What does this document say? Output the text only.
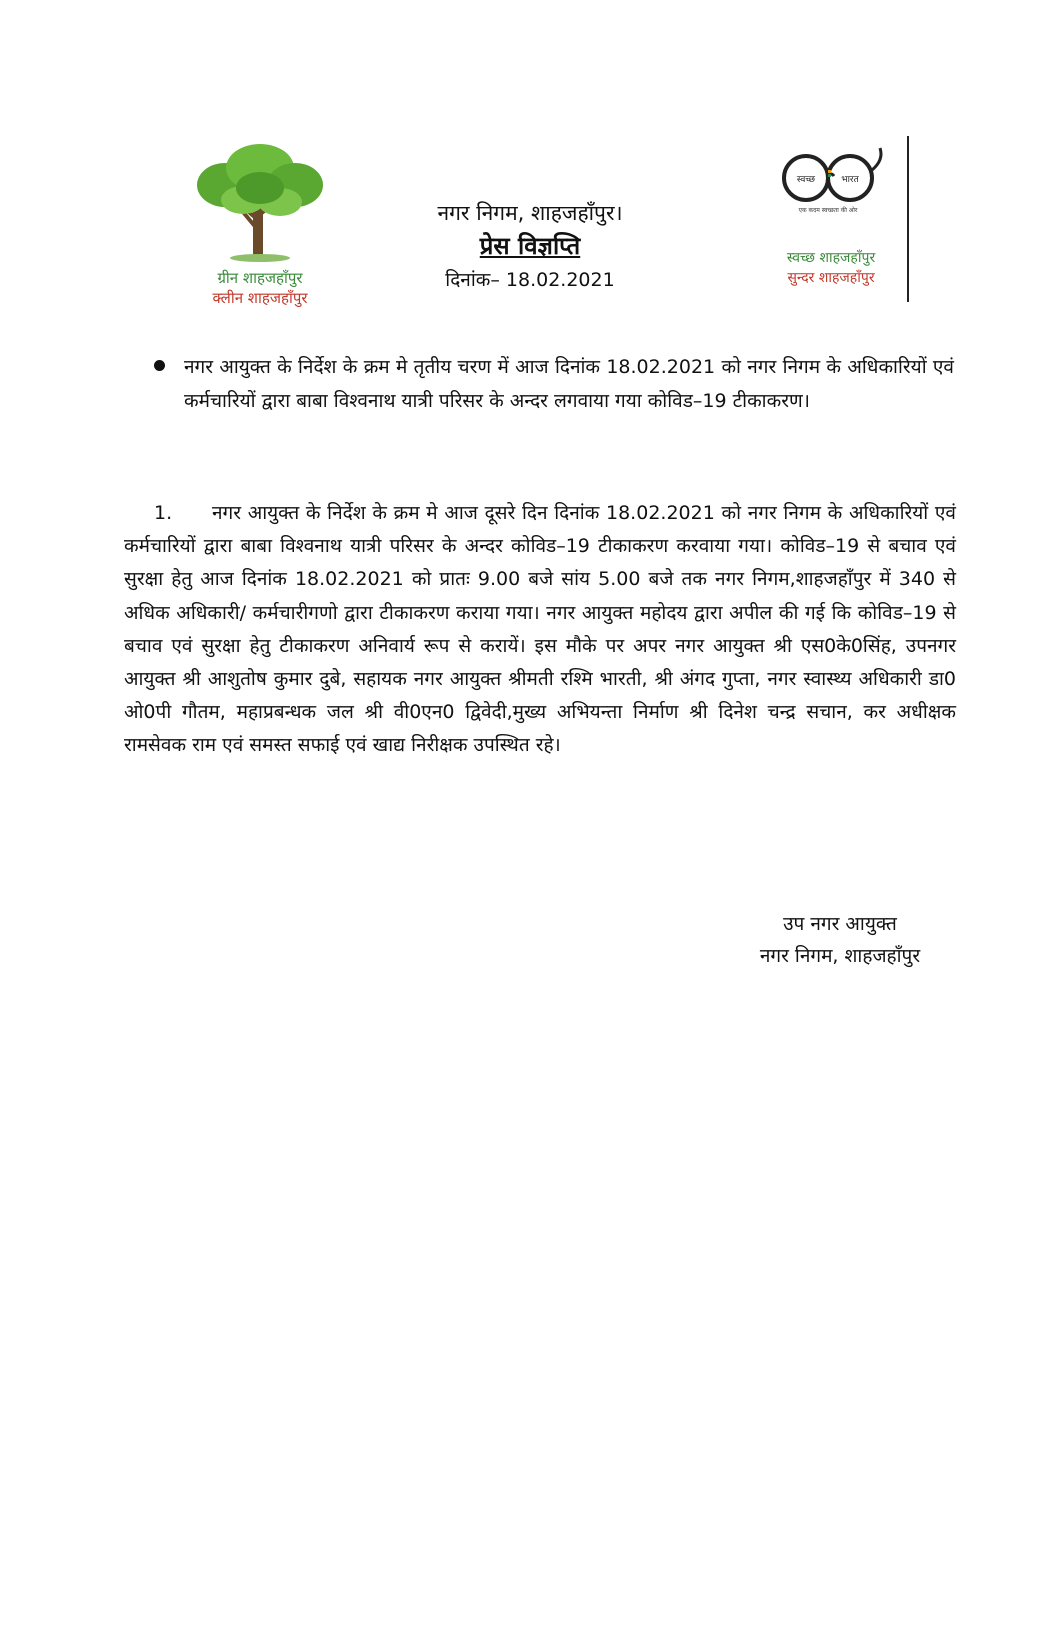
ग्रीन शाहजहाँपुर
क्लीन शाहजहाँपुर
नगर निगम, शाहजहाँपुर।
प्रेस विज्ञप्ति
दिनांक– 18.02.2021
स्वच्छ	भारत
एक कदम स्वच्छता की ओर
स्वच्छ शाहजहाँपुर
सुन्दर शाहजहाँपुर
नगर आयुक्त के निर्देश के क्रम मे तृतीय चरण में आज दिनांक 18.02.2021 को नगर निगम के अधिकारियों एवं कर्मचारियों द्वारा बाबा विश्वनाथ यात्री परिसर के अन्दर लगवाया गया कोविड–19 टीकाकरण।
1. नगर आयुक्त के निर्देश के क्रम मे आज दूसरे दिन दिनांक 18.02.2021 को नगर निगम के अधिकारियों एवं कर्मचारियों द्वारा बाबा विश्वनाथ यात्री परिसर के अन्दर कोविड–19 टीकाकरण करवाया गया। कोविड–19 से बचाव एवं सुरक्षा हेतु आज दिनांक 18.02.2021 को प्रातः 9.00 बजे सांय 5.00 बजे तक नगर निगम,शाहजहाँपुर में 340 से अधिक अधिकारी/ कर्मचारीगणो द्वारा टीकाकरण कराया गया। नगर आयुक्त महोदय द्वारा अपील की गई कि कोविड–19 से बचाव एवं सुरक्षा हेतु टीकाकरण अनिवार्य रूप से करायें। इस मौके पर अपर नगर आयुक्त श्री एस0के0सिंह, उपनगर आयुक्त श्री आशुतोष कुमार दुबे, सहायक नगर आयुक्त श्रीमती रश्मि भारती, श्री अंगद गुप्ता, नगर स्वास्थ्य अधिकारी डा0 ओ0पी गौतम, महाप्रबन्धक जल श्री वी0एन0 द्विवेदी,मुख्य अभियन्ता निर्माण श्री दिनेश चन्द्र सचान, कर अधीक्षक रामसेवक राम एवं समस्त सफाई एवं खाद्य निरीक्षक उपस्थित रहे।
उप नगर आयुक्त
नगर निगम, शाहजहाँपुर
